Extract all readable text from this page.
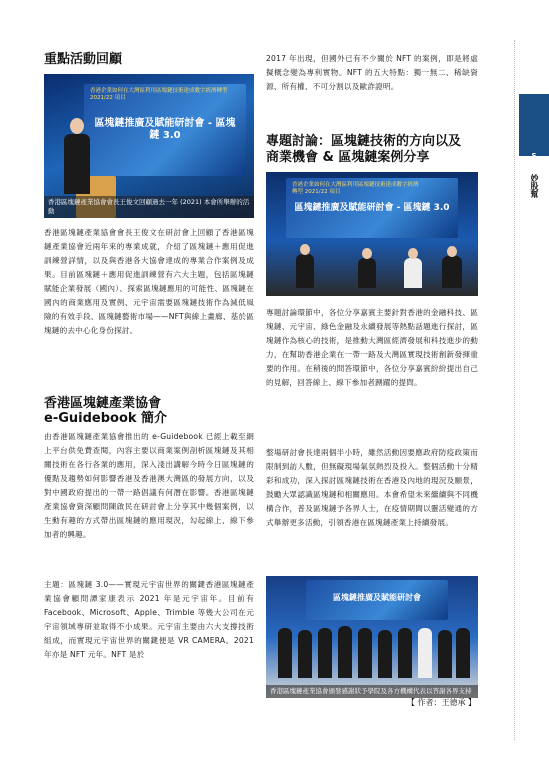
重點活動回顧
香港企業如何在大灣區利用區塊鏈技術達成數字經濟轉型 2021/22 項目
區塊鏈推廣及賦能研討會 - 區塊鏈 3.0
香港區塊鏈產業協會會長王俊文回顧過去一年 (2021) 本會所舉辦的活動

香港區塊鏈產業協會會長王俊文在研討會上回顧了香港區塊鏈產業協會近兩年來的專業成就，介紹了區塊鏈＋應用促進訓練營詳情，以及與香港各大協會達成的專業合作案例及成果。目前區塊鏈＋應用促進訓練營有六大主題，包括區塊鏈賦能企業發展（國內）、探索區塊鏈應用的可能性、區塊鏈在國內的商業應用及實例、元宇宙需要區塊鏈技術作為減低風險的有效手段、區塊鏈藝術市場——NFT與線上畫廊、基於區塊鏈的去中心化身份探討。

香港區塊鏈產業協會
e-Guidebook 簡介

由香港區塊鏈產業協會推出的 e-Guidebook 已經上載至網上平台供免費查閱，內容主要以商業案例剖析區塊鏈及其相關技術在各行各業的應用，深入淺出講解今時今日區塊鏈的優點及趨勢如何影響香港及香港澳大灣區的發展方向，以及對中國政府提出的一帶一路倡議有何潛在影響。香港區塊鏈產業協會資深顧問陳啟民在研討會上分享其中幾個案例，以生動有趣的方式帶出區塊鏈的應用現況，勾起線上、線下參加者的興趣。

主題：區塊鏈 3.0——實現元宇宙世界的關鍵香港區塊鏈產業協會顧問譚家康表示 2021 年是元宇宙年。目前有 Facebook、Microsoft、Apple、Trimble 等幾大公司在元宇宙領域專研並取得不小成果。元宇宙主要由六大支撐技術組成，而實現元宇宙世界的關鍵便是 VR CAMERA。2021 年亦是 NFT 元年。NFT 是於

2017 年出現，但國外已有不少關於 NFT 的案例，即是將虛擬概念變為專利實物。NFT 的五大特點：獨一無二、稀缺資源、所有權、不可分割以及歐詐證明。

專題討論：區塊鏈技術的方向以及
商業機會 & 區塊鏈案例分享
香港企業如何在大灣區利用區塊鏈技術達成數字經濟轉型 2021/22 項目
區塊鏈推廣及賦能研討會 - 區塊鏈 3.0

專題討論環節中，各位分享嘉賓主要針對香港的金融科技、區塊鏈、元宇宙、綠色金融及永續發展等熱點話題進行探討，區塊鏈作為核心的技術，是推動大灣區經濟發展和科技進步的動力，在幫助香港企業在一帶一路及大灣區實現技術創新發揮重要的作用。在稍後的問答環節中，各位分享嘉賓紛紛提出自己的見解，回答線上、線下參加者踴躍的提問。

整場研討會長達兩個半小時，雖然活動因要應政府防疫政策而限制到訪人數，但無礙現場氣氛熱烈及投入。整個活動十分精彩和成功，深入探討區塊鏈技術在香港及內地的現況及願景，鼓勵大眾認識區塊鏈和相關應用。本會希望未來繼續與不同機構合作，普及區塊鏈予各界人士，在疫情期間以靈活變通的方式舉辦更多活動，引領香港在區塊鏈產業上持續發展。

區塊鏈推廣及賦能研討會
香港區塊鏈產業協會頒發感謝狀予學院及各方機構代表以答謝各界支持
【 作者：王德承 】
S
妙股幫
